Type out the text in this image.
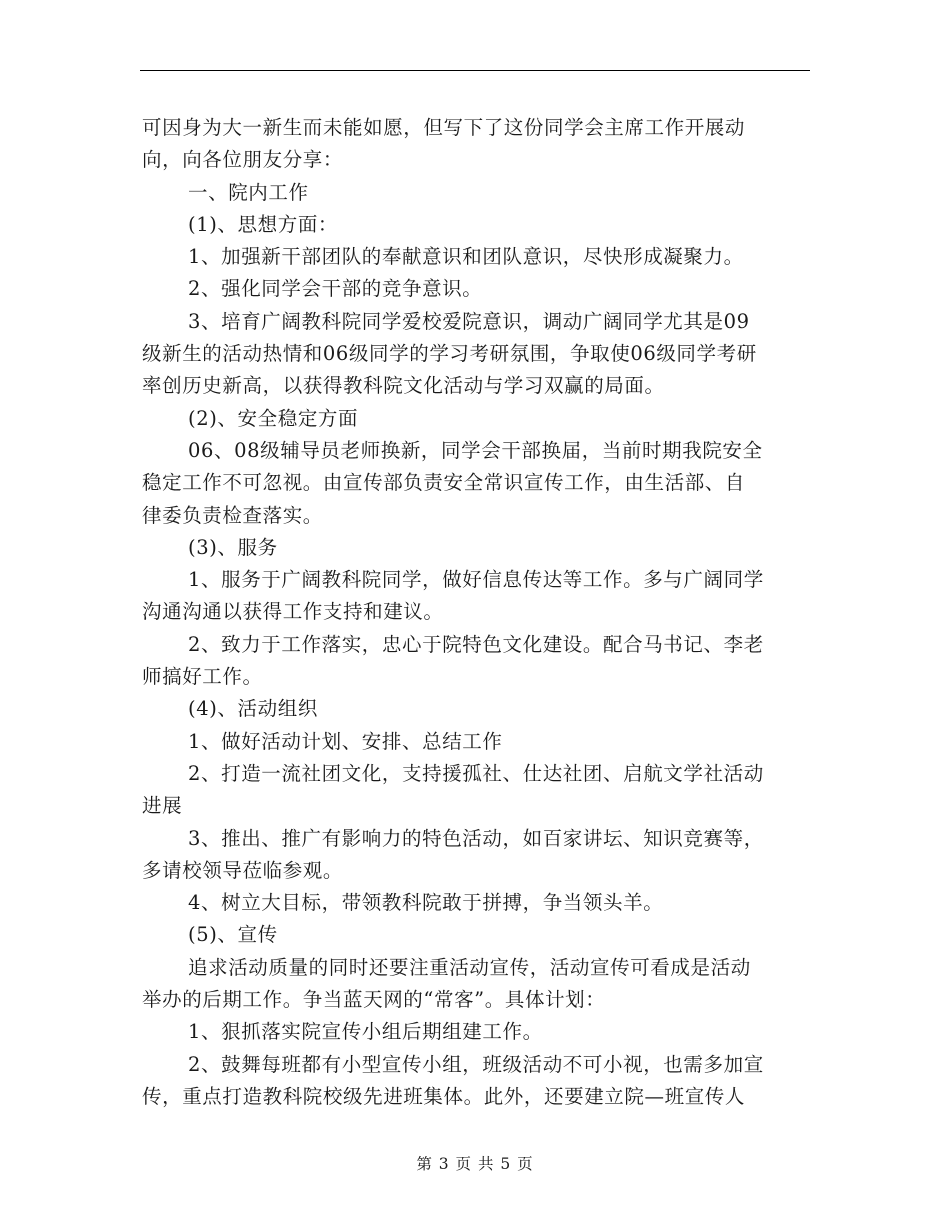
可因身为大一新生而未能如愿，但写下了这份同学会主席工作开展动
向，向各位朋友分享：
一、院内工作
(1)、思想方面：
1、加强新干部团队的奉献意识和团队意识，尽快形成凝聚力。
2、强化同学会干部的竞争意识。
3、培育广阔教科院同学爱校爱院意识，调动广阔同学尤其是09
级新生的活动热情和06级同学的学习考研氛围，争取使06级同学考研
率创历史新高，以获得教科院文化活动与学习双赢的局面。
(2)、安全稳定方面
06、08级辅导员老师换新，同学会干部换届，当前时期我院安全
稳定工作不可忽视。由宣传部负责安全常识宣传工作，由生活部、自
律委负责检查落实。
(3)、服务
1、服务于广阔教科院同学，做好信息传达等工作。多与广阔同学
沟通沟通以获得工作支持和建议。
2、致力于工作落实，忠心于院特色文化建设。配合马书记、李老
师搞好工作。
(4)、活动组织
1、做好活动计划、安排、总结工作
2、打造一流社团文化，支持援孤社、仕达社团、启航文学社活动
进展
3、推出、推广有影响力的特色活动，如百家讲坛、知识竞赛等，
多请校领导莅临参观。
4、树立大目标，带领教科院敢于拼搏，争当领头羊。
(5)、宣传
追求活动质量的同时还要注重活动宣传，活动宣传可看成是活动
举办的后期工作。争当蓝天网的“常客”。具体计划：
1、狠抓落实院宣传小组后期组建工作。
2、鼓舞每班都有小型宣传小组，班级活动不可小视，也需多加宣
传，重点打造教科院校级先进班集体。此外，还要建立院—班宣传人
第 3 页 共 5 页
